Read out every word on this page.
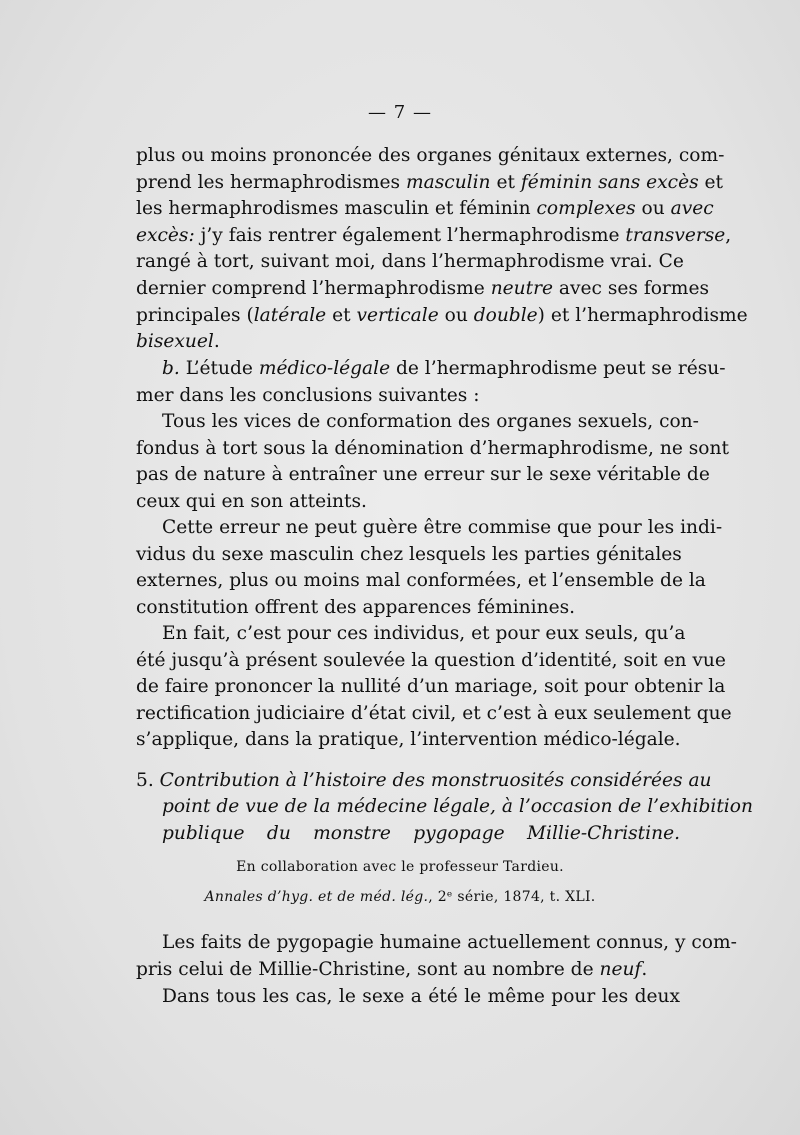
— 7 —
plus ou moins prononcée des organes génitaux externes, com-
prend les hermaphrodismes masculin et féminin sans excès et
les hermaphrodismes masculin et féminin complexes ou avec
excès: j’y fais rentrer également l’hermaphrodisme transverse,
rangé à tort, suivant moi, dans l’hermaphrodisme vrai. Ce
dernier comprend l’hermaphrodisme neutre avec ses formes
principales (latérale et verticale ou double) et l’hermaphrodisme
bisexuel.
b. L’étude médico-légale de l’hermaphrodisme peut se résu-
mer dans les conclusions suivantes :
Tous les vices de conformation des organes sexuels, con-
fondus à tort sous la dénomination d’hermaphrodisme, ne sont
pas de nature à entraîner une erreur sur le sexe véritable de
ceux qui en son atteints.
Cette erreur ne peut guère être commise que pour les indi-
vidus du sexe masculin chez lesquels les parties génitales
externes, plus ou moins mal conformées, et l’ensemble de la
constitution offrent des apparences féminines.
En fait, c’est pour ces individus, et pour eux seuls, qu’a
été jusqu’à présent soulevée la question d’identité, soit en vue
de faire prononcer la nullité d’un mariage, soit pour obtenir la
rectification judiciaire d’état civil, et c’est à eux seulement que
s’applique, dans la pratique, l’intervention médico-légale.
5. Contribution à l’histoire des monstruosités considérées au
point de vue de la médecine légale, à l’occasion de l’exhibition
publique du monstre pygopage Millie-Christine.
En collaboration avec le professeur Tardieu.
Annales d’hyg. et de méd. lég., 2ᵉ série, 1874, t. XLI.
Les faits de pygopagie humaine actuellement connus, y com-
pris celui de Millie-Christine, sont au nombre de neuf.
Dans tous les cas, le sexe a été le même pour les deux
